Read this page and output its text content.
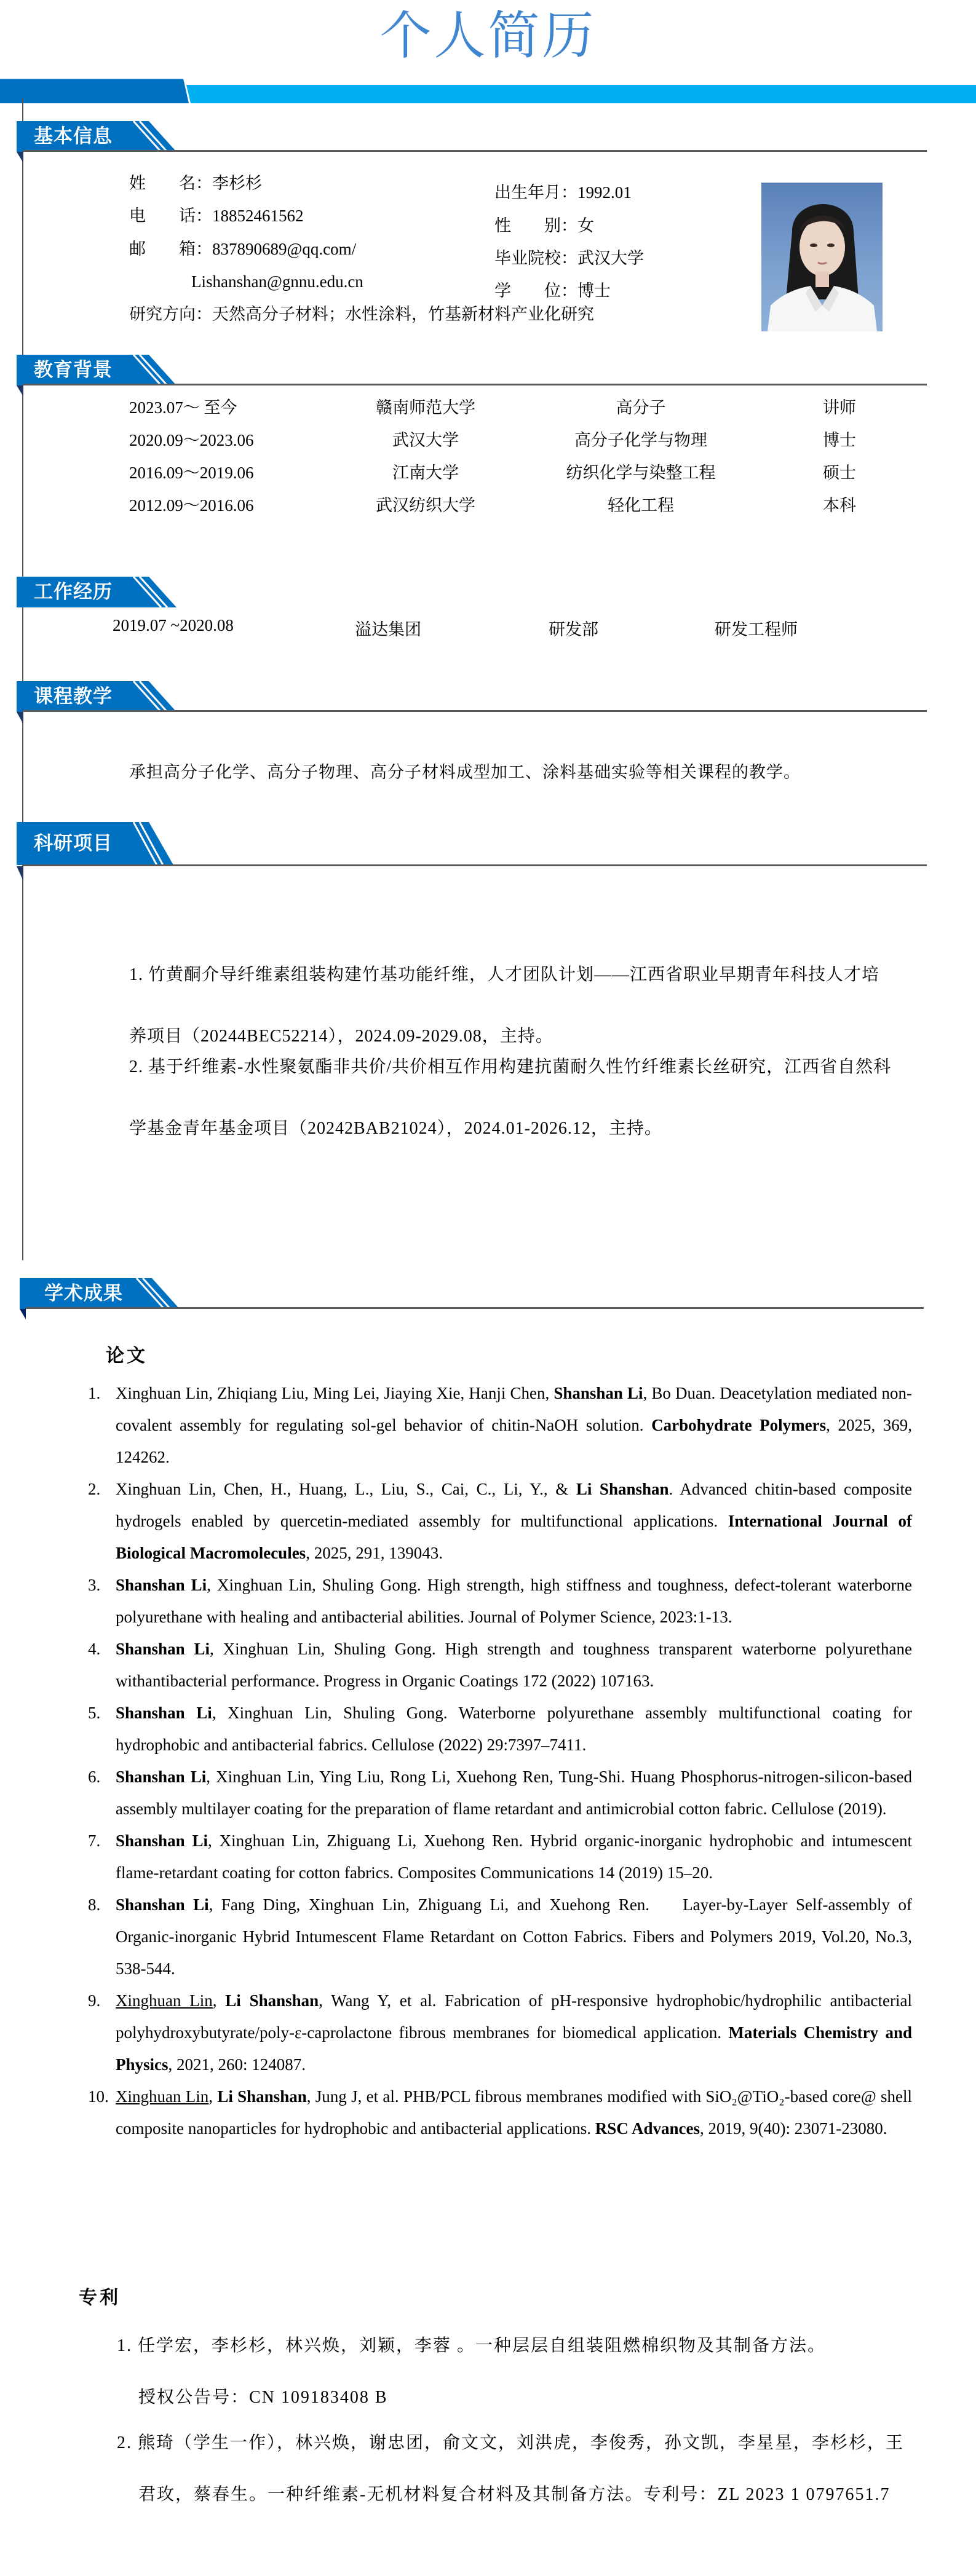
个人简历
基本信息
姓　　名：李杉杉
电　　话：18852461562
邮　　箱：837890689@qq.com/
Lishanshan@gnnu.edu.cn
研究方向：天然高分子材料；水性涂料，竹基新材料产业化研究
出生年月：1992.01
性　　别：女
毕业院校：武汉大学
学　　位：博士
教育背景
2023.07～ 至今	赣南师范大学	高分子	讲师
2020.09～2023.06	武汉大学	高分子化学与物理	博士
2016.09～2019.06	江南大学	纺织化学与染整工程	硕士
2012.09～2016.06	武汉纺织大学	轻化工程	本科
工作经历
2019.07 ~2020.08	溢达集团	研发部	研发工程师
课程教学
承担高分子化学、高分子物理、高分子材料成型加工、涂料基础实验等相关课程的教学。
科研项目
1. 竹黄酮介导纤维素组装构建竹基功能纤维，人才团队计划——江西省职业早期青年科技人才培养项目（20244BEC52214），2024.09-2029.08，主持。
2. 基于纤维素-水性聚氨酯非共价/共价相互作用构建抗菌耐久性竹纤维素长丝研究，江西省自然科学基金青年基金项目（20242BAB21024），2024.01-2026.12，主持。
学术成果
论文
1. Xinghuan Lin, Zhiqiang Liu, Ming Lei, Jiaying Xie, Hanji Chen, Shanshan Li, Bo Duan. Deacetylation mediated non-covalent assembly for regulating sol-gel behavior of chitin-NaOH solution. Carbohydrate Polymers, 2025, 369, 124262.
2. Xinghuan Lin, Chen, H., Huang, L., Liu, S., Cai, C., Li, Y., & Li Shanshan. Advanced chitin-based composite hydrogels enabled by quercetin-mediated assembly for multifunctional applications. International Journal of Biological Macromolecules, 2025, 291, 139043.
3. Shanshan Li, Xinghuan Lin, Shuling Gong. High strength, high stiffness and toughness, defect-tolerant waterborne polyurethane with healing and antibacterial abilities. Journal of Polymer Science, 2023:1-13.
4. Shanshan Li, Xinghuan Lin, Shuling Gong. High strength and toughness transparent waterborne polyurethane withantibacterial performance. Progress in Organic Coatings 172 (2022) 107163.
5. Shanshan Li, Xinghuan Lin, Shuling Gong. Waterborne polyurethane assembly multifunctional coating for hydrophobic and antibacterial fabrics. Cellulose (2022) 29:7397–7411.
6. Shanshan Li, Xinghuan Lin, Ying Liu, Rong Li, Xuehong Ren, Tung-Shi. Huang Phosphorus-nitrogen-silicon-based assembly multilayer coating for the preparation of flame retardant and antimicrobial cotton fabric. Cellulose (2019).
7. Shanshan Li, Xinghuan Lin, Zhiguang Li, Xuehong Ren. Hybrid organic-inorganic hydrophobic and intumescent flame-retardant coating for cotton fabrics. Composites Communications 14 (2019) 15–20.
8. Shanshan Li, Fang Ding, Xinghuan Lin, Zhiguang Li, and Xuehong Ren.　 Layer-by-Layer Self-assembly of Organic-inorganic Hybrid Intumescent Flame Retardant on Cotton Fabrics. Fibers and Polymers 2019, Vol.20, No.3, 538-544.
9. Xinghuan Lin, Li Shanshan, Wang Y, et al. Fabrication of pH-responsive hydrophobic/hydrophilic antibacterial polyhydroxybutyrate/poly-ε-caprolactone fibrous membranes for biomedical application. Materials Chemistry and Physics, 2021, 260: 124087.
10. Xinghuan Lin, Li Shanshan, Jung J, et al. PHB/PCL fibrous membranes modified with SiO₂@TiO₂-based core@ shell composite nanoparticles for hydrophobic and antibacterial applications. RSC Advances, 2019, 9(40): 23071-23080.
专利
1. 任学宏，李杉杉，林兴焕，刘颖，李蓉 。一种层层自组装阻燃棉织物及其制备方法。
授权公告号：CN 109183408 B
2. 熊琦（学生一作），林兴焕，谢忠团，俞文文，刘洪虎，李俊秀，孙文凯，李星星，李杉杉，王君玫，蔡春生。一种纤维素-无机材料复合材料及其制备方法。专利号：ZL 2023 1 0797651.7
